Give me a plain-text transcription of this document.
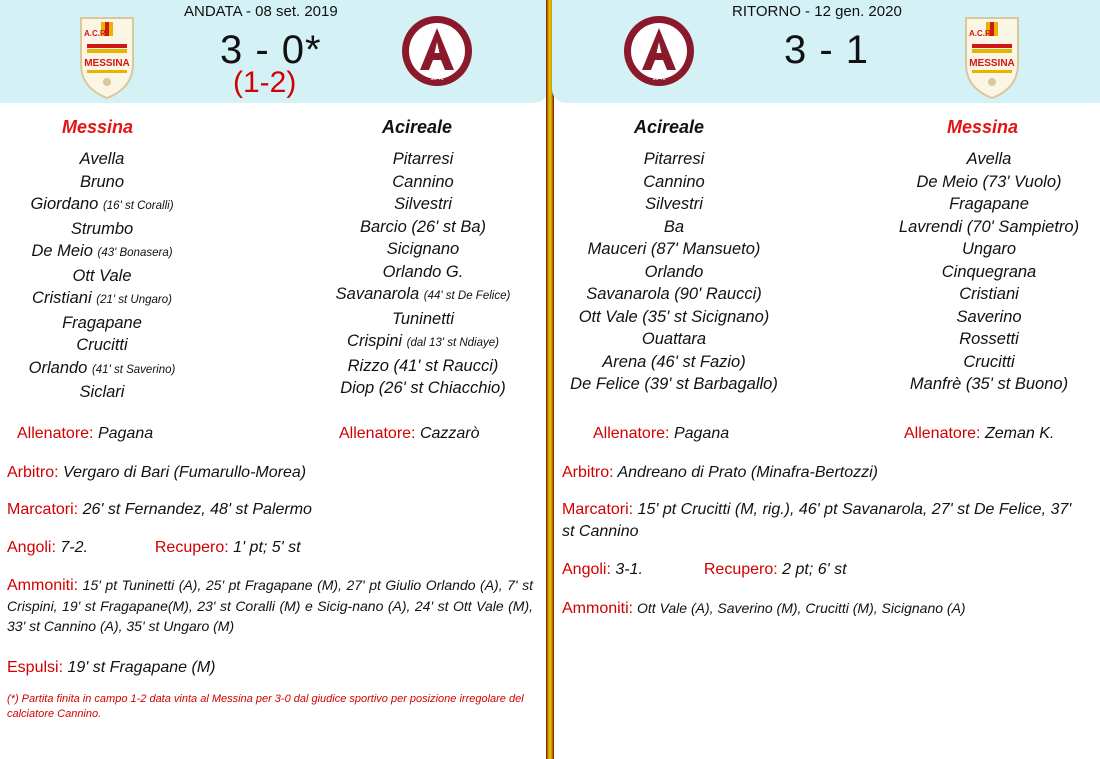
ANDATA - 08 set. 2019
A.C.R.
MESSINA 3 - 0*
(1-2)	1946
Messina	Acireale
Avella
Bruno
Giordano (16' st Coralli)
Strumbo
De Meio (43' Bonasera)
Ott Vale
Cristiani (21' st Ungaro)
Fragapane
Crucitti
Orlando (41' st Saverino)
Siclari
Pitarresi
Cannino
Silvestri
Barcio (26' st Ba)
Sicignano
Orlando G.
Savanarola (44' st De Felice)
Tuninetti
Crispini (dal 13' st Ndiaye)
Rizzo (41' st Raucci)
Diop (26' st Chiacchio)
Allenatore: Pagana	Allenatore: Cazzarò
Arbitro: Vergaro di Bari (Fumarullo-Morea)
Marcatori: 26' st Fernandez, 48' st Palermo
Angoli: 7-2.	Recupero: 1' pt; 5' st
Ammoniti: 15' pt Tuninetti (A), 25' pt Fragapane (M), 27' pt Giulio Orlando (A), 7' st Crispini, 19' st Fragapane(M), 23' st Coralli (M) e Sicig-nano (A), 24' st Ott Vale (M), 33' st Cannino (A), 35' st Ungaro (M)
Espulsi: 19' st Fragapane (M)
(*) Partita finita in campo 1-2 data vinta al Messina per 3-0 dal giudice sportivo per posizione irregolare del calciatore Cannino.
RITORNO - 12 gen. 2020
1946
3 - 1	A.C.R.
MESSINA
Acireale	Messina
Pitarresi
Cannino
Silvestri
Ba
Mauceri (87' Mansueto)
Orlando
Savanarola (90' Raucci)
Ott Vale (35' st Sicignano)
Ouattara
Arena (46' st Fazio)
De Felice (39' st Barbagallo)
Avella
De Meio (73' Vuolo)
Fragapane
Lavrendi (70' Sampietro)
Ungaro
Cinquegrana
Cristiani
Saverino
Rossetti
Crucitti
Manfrè (35' st Buono)
Allenatore: Pagana	Allenatore: Zeman K.
Arbitro: Andreano di Prato (Minafra-Bertozzi)
Marcatori: 15' pt Crucitti (M, rig.), 46' pt Savanarola, 27' st De Felice, 37' st Cannino
Angoli: 3-1.	Recupero: 2 pt; 6' st
Ammoniti: Ott Vale (A), Saverino (M), Crucitti (M), Sicignano (A)
